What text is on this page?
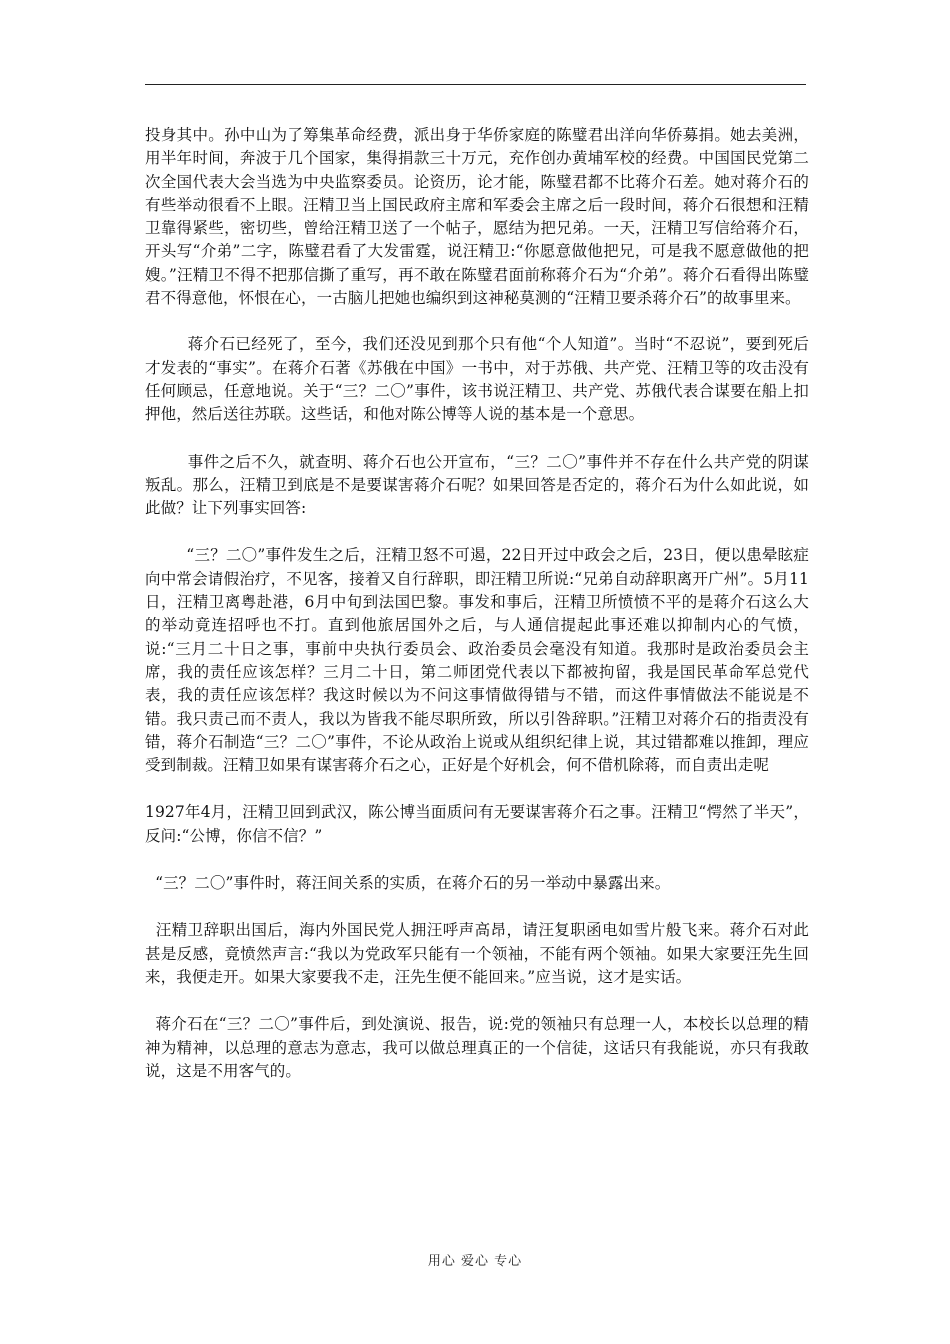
投身其中。孙中山为了筹集革命经费，派出身于华侨家庭的陈璧君出洋向华侨募捐。她去美洲，用半年时间，奔波于几个国家，集得捐款三十万元，充作创办黄埔军校的经费。中国国民党第二次全国代表大会当选为中央监察委员。论资历，论才能，陈璧君都不比蒋介石差。她对蒋介石的有些举动很看不上眼。汪精卫当上国民政府主席和军委会主席之后一段时间，蒋介石很想和汪精卫靠得紧些，密切些，曾给汪精卫送了一个帖子，愿结为把兄弟。一天，汪精卫写信给蒋介石，开头写“介弟”二字，陈璧君看了大发雷霆，说汪精卫:“你愿意做他把兄，可是我不愿意做他的把嫂。”汪精卫不得不把那信撕了重写，再不敢在陈璧君面前称蒋介石为“介弟”。蒋介石看得出陈璧君不得意他，怀恨在心，一古脑儿把她也编织到这神秘莫测的“汪精卫要杀蒋介石”的故事里来。

蒋介石已经死了，至今，我们还没见到那个只有他“个人知道”。当时“不忍说”，要到死后才发表的“事实”。在蒋介石著《苏俄在中国》一书中，对于苏俄、共产党、汪精卫等的攻击没有任何顾忌，任意地说。关于“三？二〇”事件，该书说汪精卫、共产党、苏俄代表合谋要在船上扣押他，然后送往苏联。这些话，和他对陈公博等人说的基本是一个意思。

事件之后不久，就查明、蒋介石也公开宣布，“三？二〇”事件并不存在什么共产党的阴谋叛乱。那么，汪精卫到底是不是要谋害蒋介石呢？如果回答是否定的，蒋介石为什么如此说，如此做？让下列事实回答:

“三？二〇”事件发生之后，汪精卫怒不可遏，22日开过中政会之后，23日，便以患晕眩症向中常会请假治疗，不见客，接着又自行辞职，即汪精卫所说:“兄弟自动辞职离开广州”。5月11日，汪精卫离粤赴港，6月中旬到法国巴黎。事发和事后，汪精卫所愤愤不平的是蒋介石这么大的举动竟连招呼也不打。直到他旅居国外之后，与人通信提起此事还难以抑制内心的气愤，说:“三月二十日之事，事前中央执行委员会、政治委员会毫没有知道。我那时是政治委员会主席，我的责任应该怎样？三月二十日，第二师团党代表以下都被拘留，我是国民革命军总党代表，我的责任应该怎样？我这时候以为不问这事情做得错与不错，而这件事情做法不能说是不错。我只责己而不责人，我以为皆我不能尽职所致，所以引咎辞职。”汪精卫对蒋介石的指责没有错，蒋介石制造“三？二〇”事件，不论从政治上说或从组织纪律上说，其过错都难以推卸，理应受到制裁。汪精卫如果有谋害蒋介石之心，正好是个好机会，何不借机除蒋，而自责出走呢

1927年4月，汪精卫回到武汉，陈公博当面质问有无要谋害蒋介石之事。汪精卫“愕然了半天”，反问:“公博，你信不信？”

“三？二〇”事件时，蒋汪间关系的实质，在蒋介石的另一举动中暴露出来。

汪精卫辞职出国后，海内外国民党人拥汪呼声高昂，请汪复职函电如雪片般飞来。蒋介石对此甚是反感，竟愤然声言:“我以为党政军只能有一个领袖，不能有两个领袖。如果大家要汪先生回来，我便走开。如果大家要我不走，汪先生便不能回来。”应当说，这才是实话。

蒋介石在“三？二〇”事件后，到处演说、报告，说:党的领袖只有总理一人，本校长以总理的精神为精神，以总理的意志为意志，我可以做总理真正的一个信徒，这话只有我能说，亦只有我敢说，这是不用客气的。

用心 爱心 专心
